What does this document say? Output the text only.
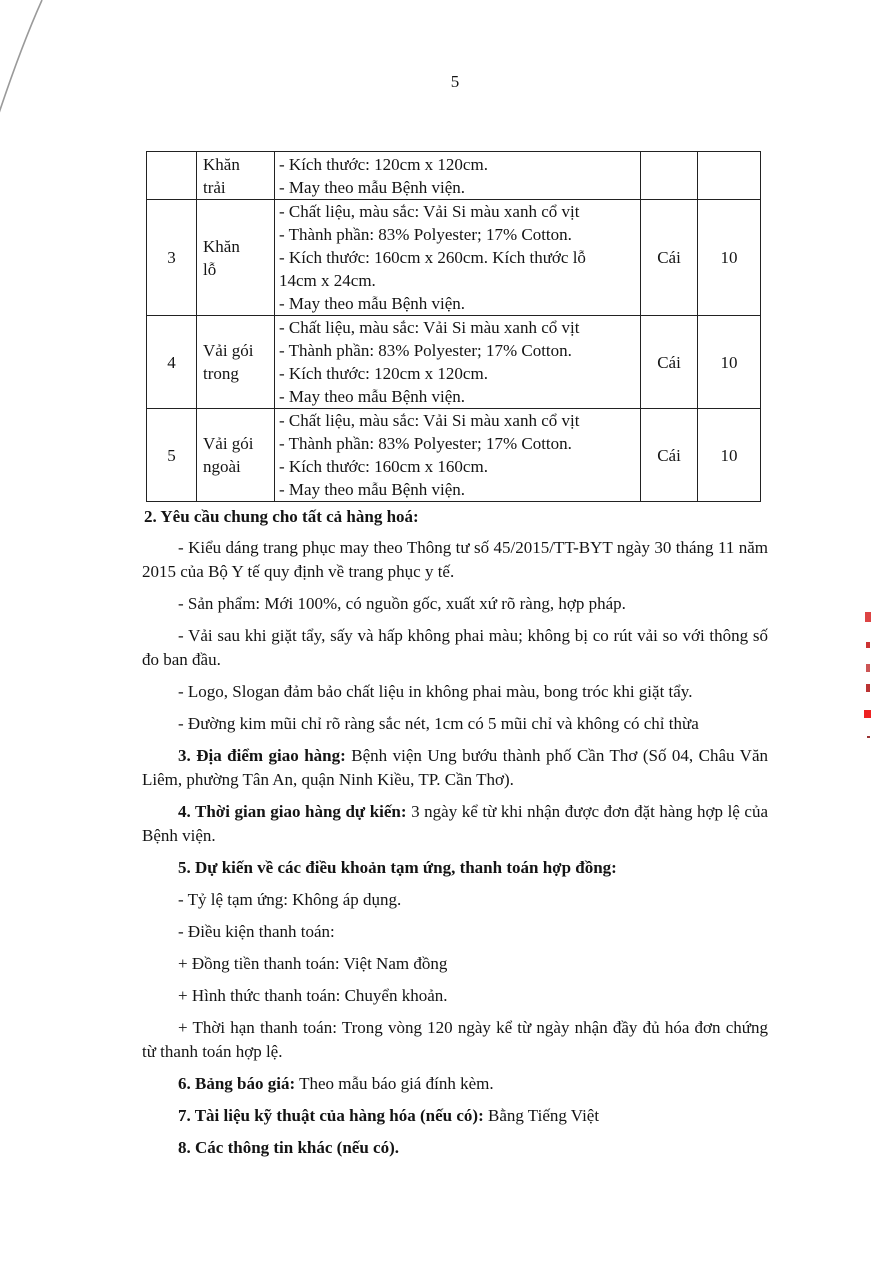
5

	Khăn
trải	- Kích thước: 120cm x 120cm.
- May theo mẫu Bệnh viện.		

3	Khăn
lỗ	- Chất liệu, màu sắc: Vải Si màu xanh cổ vịt
- Thành phần: 83% Polyester; 17% Cotton.
- Kích thước: 160cm x 260cm. Kích thước lỗ
14cm x 24cm.
- May theo mẫu Bệnh viện.	Cái	10
4	Vải gói
trong	- Chất liệu, màu sắc: Vải Si màu xanh cổ vịt
- Thành phần: 83% Polyester; 17% Cotton.
- Kích thước: 120cm x 120cm.
- May theo mẫu Bệnh viện.	Cái	10
5	Vải gói
ngoài	- Chất liệu, màu sắc: Vải Si màu xanh cổ vịt
- Thành phần: 83% Polyester; 17% Cotton.
- Kích thước: 160cm x 160cm.
- May theo mẫu Bệnh viện.	Cái	10

2. Yêu cầu chung cho tất cả hàng hoá:

- Kiểu dáng trang phục may theo Thông tư số 45/2015/TT-BYT ngày 30 tháng 11 năm 2015 của Bộ Y tế quy định về trang phục y tế.

- Sản phẩm: Mới 100%, có nguồn gốc, xuất xứ rõ ràng, hợp pháp.

- Vải sau khi giặt tẩy, sấy và hấp không phai màu; không bị co rút vải so với thông số đo ban đầu.

- Logo, Slogan đảm bảo chất liệu in không phai màu, bong tróc khi giặt tẩy.

- Đường kim mũi chỉ rõ ràng sắc nét, 1cm có 5 mũi chỉ và không có chỉ thừa

3. Địa điểm giao hàng: Bệnh viện Ung bướu thành phố Cần Thơ (Số 04, Châu Văn Liêm, phường Tân An, quận Ninh Kiều, TP. Cần Thơ).

4. Thời gian giao hàng dự kiến: 3 ngày kể từ khi nhận được đơn đặt hàng hợp lệ của Bệnh viện.

5. Dự kiến về các điều khoản tạm ứng, thanh toán hợp đồng:

- Tỷ lệ tạm ứng: Không áp dụng.

- Điều kiện thanh toán:

+ Đồng tiền thanh toán: Việt Nam đồng

+ Hình thức thanh toán: Chuyển khoản.

+ Thời hạn thanh toán: Trong vòng 120 ngày kể từ ngày nhận đầy đủ hóa đơn chứng từ thanh toán hợp lệ.

6. Bảng báo giá: Theo mẫu báo giá đính kèm.

7. Tài liệu kỹ thuật của hàng hóa (nếu có): Bằng Tiếng Việt

8. Các thông tin khác (nếu có).
